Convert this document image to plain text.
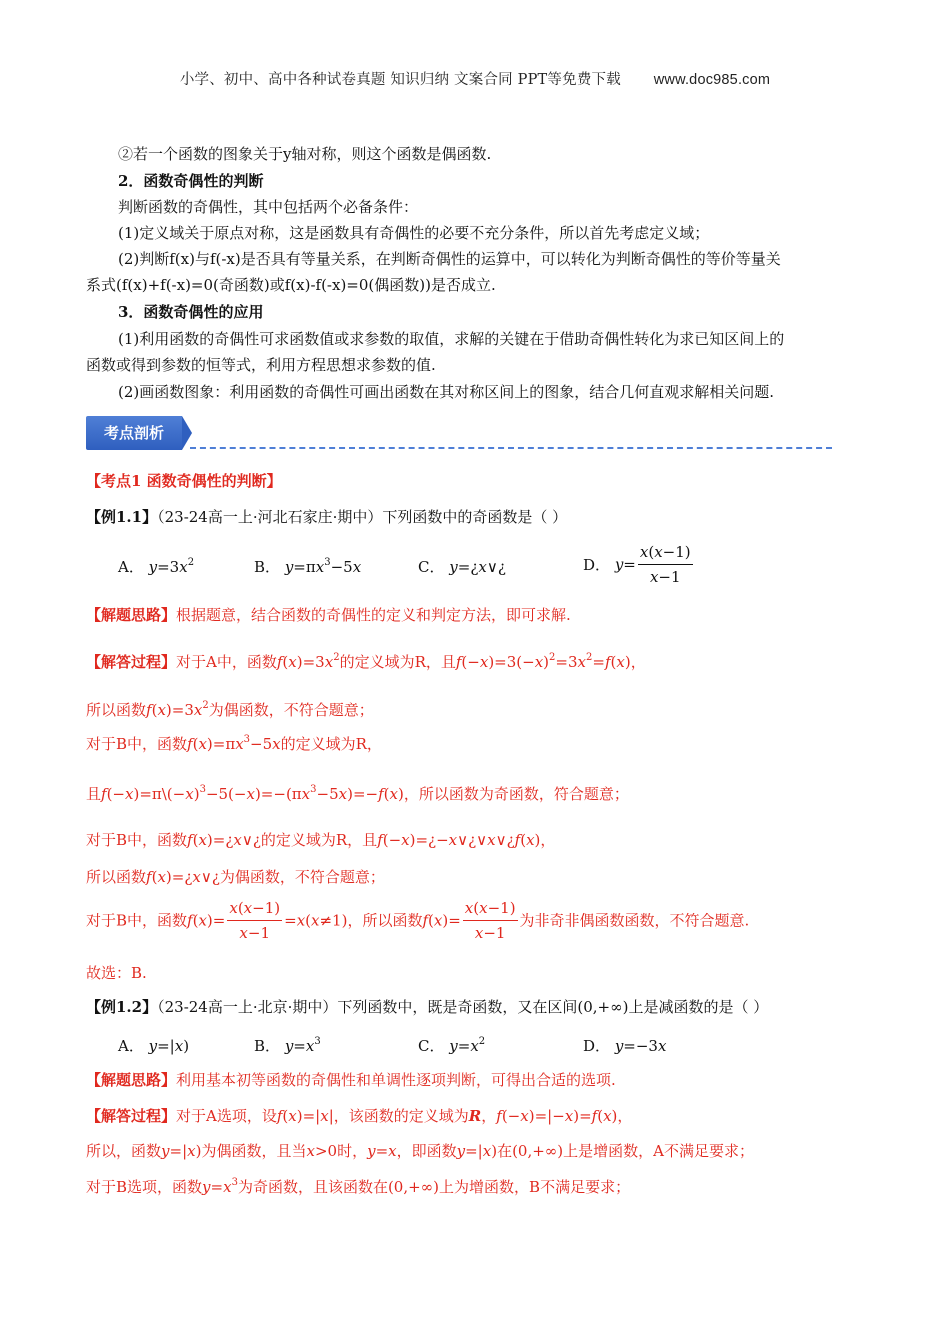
小学、初中、高中各种试卷真题 知识归纳 文案合同 PPT等免费下载 www.doc985.com
②若一个函数的图象关于y轴对称，则这个函数是偶函数.
2．函数奇偶性的判断
判断函数的奇偶性，其中包括两个必备条件：
(1)定义域关于原点对称，这是函数具有奇偶性的必要不充分条件，所以首先考虑定义域；
(2)判断f(x)与f(-x)是否具有等量关系，在判断奇偶性的运算中，可以转化为判断奇偶性的等价等量关
系式(f(x)+f(-x)=0(奇函数)或f(x)-f(-x)=0(偶函数))是否成立.
3．函数奇偶性的应用
(1)利用函数的奇偶性可求函数值或求参数的取值，求解的关键在于借助奇偶性转化为求已知区间上的
函数或得到参数的恒等式，利用方程思想求参数的值.
(2)画函数图象：利用函数的奇偶性可画出函数在其对称区间上的图象，结合几何直观求解相关问题.
考点剖析
【考点1 函数奇偶性的判断】
【例1.1】（23-24高一上·河北石家庄·期中）下列函数中的奇函数是（ ）
A． $y=3x^2$	B． $y=\pi x^3-5x$	C． y=¿x∨¿	D． $y= \frac{x(x-1)}{x-1}$
【解题思路】根据题意，结合函数的奇偶性的定义和判定方法，即可求解.
【解答过程】对于A中，函数$f(x)=3x^2$的定义域为R，且$f(-x)=3(-x)^2=3x^2=f(x)$，
所以函数$f(x)=3x^2$为偶函数，不符合题意；
对于B中，函数$f(x)=\pi x^3-5x$的定义域为R，
且$f(-x)=\pi\backslash(-x)^3-5(-x)=-(\pi x^3-5x)=-f(x)$，所以函数为奇函数，符合题意；
对于B中，函数f(x)=¿x∨¿的定义域为R，且f(−x)=¿−x∨¿∨x∨¿f(x)，
所以函数f(x)=¿x∨¿为偶函数，不符合题意；
对于B中，函数$f(x)= \frac{x(x-1)}{x-1} =x(x\ne 1)$，所以函数$f(x)= \frac{x(x-1)}{x-1}$ 为非奇非偶函数函数，不符合题意.
故选：B.
【例1.2】（23-24高一上·北京·期中）下列函数中，既是奇函数，又在区间(0,+∞)上是减函数的是（ ）
A． y=|x)	B． $y=x^3$	C． $y=x^2$	D． y=−3x
【解题思路】利用基本初等函数的奇偶性和单调性逐项判断，可得出合适的选项.
【解答过程】对于A选项，设f(x)=|x|，该函数的定义域为R，f(−x)=|−x)=f(x)，
所以，函数y=|x)为偶函数，且当x>0时，y=x，即函数y=|x)在(0,+∞)上是增函数，A不满足要求；
对于B选项，函数$y=x^3$为奇函数，且该函数在(0,+∞)上为增函数，B不满足要求；
